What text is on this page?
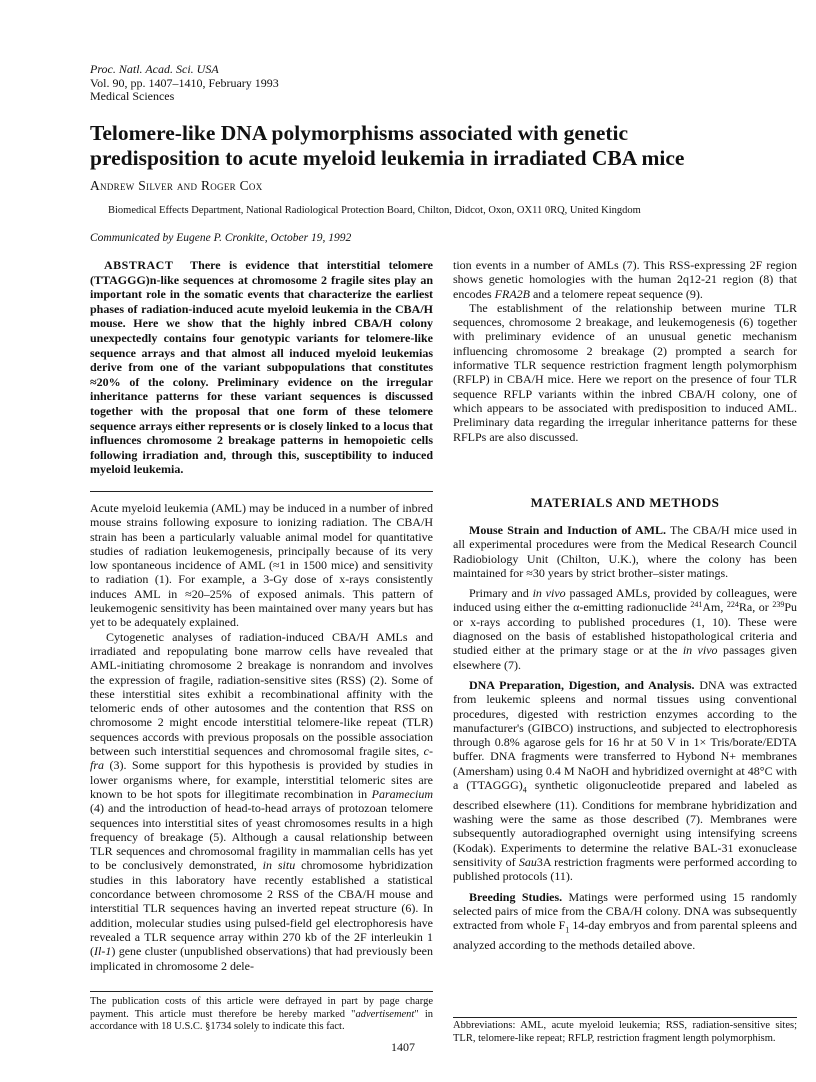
Proc. Natl. Acad. Sci. USA
Vol. 90, pp. 1407–1410, February 1993
Medical Sciences
Telomere-like DNA polymorphisms associated with genetic predisposition to acute myeloid leukemia in irradiated CBA mice
Andrew Silver and Roger Cox
Biomedical Effects Department, National Radiological Protection Board, Chilton, Didcot, Oxon, OX11 0RQ, United Kingdom
Communicated by Eugene P. Cronkite, October 19, 1992
ABSTRACT There is evidence that interstitial telomere (TTAGGG)n-like sequences at chromosome 2 fragile sites play an important role in the somatic events that characterize the earliest phases of radiation-induced acute myeloid leukemia in the CBA/H mouse. Here we show that the highly inbred CBA/H colony unexpectedly contains four genotypic variants for telomere-like sequence arrays and that almost all induced myeloid leukemias derive from one of the variant subpopulations that constitutes ≈20% of the colony. Preliminary evidence on the irregular inheritance patterns for these variant sequences is discussed together with the proposal that one form of these telomere sequence arrays either represents or is closely linked to a locus that influences chromosome 2 breakage patterns in hemopoietic cells following irradiation and, through this, susceptibility to induced myeloid leukemia.

Acute myeloid leukemia (AML) may be induced in a number of inbred mouse strains following exposure to ionizing radiation. The CBA/H strain has been a particularly valuable animal model for quantitative studies of radiation leukemogenesis, principally because of its very low spontaneous incidence of AML (≈1 in 1500 mice) and sensitivity to radiation (1). For example, a 3-Gy dose of x-rays consistently induces AML in ≈20–25% of exposed animals. This pattern of leukemogenic sensitivity has been maintained over many years but has yet to be adequately explained.

Cytogenetic analyses of radiation-induced CBA/H AMLs and irradiated and repopulating bone marrow cells have revealed that AML-initiating chromosome 2 breakage is nonrandom and involves the expression of fragile, radiation-sensitive sites (RSS) (2). Some of these interstitial sites exhibit a recombinational affinity with the telomeric ends of other autosomes and the contention that RSS on chromosome 2 might encode interstitial telomere-like repeat (TLR) sequences accords with previous proposals on the possible association between such interstitial sequences and chromosomal fragile sites, c-fra (3). Some support for this hypothesis is provided by studies in lower organisms where, for example, interstitial telomeric sites are known to be hot spots for illegitimate recombination in Paramecium (4) and the introduction of head-to-head arrays of protozoan telomere sequences into interstitial sites of yeast chromosomes results in a high frequency of breakage (5). Although a causal relationship between TLR sequences and chromosomal fragility in mammalian cells has yet to be conclusively demonstrated, in situ chromosome hybridization studies in this laboratory have recently established a statistical concordance between chromosome 2 RSS of the CBA/H mouse and interstitial TLR sequences having an inverted repeat structure (6). In addition, molecular studies using pulsed-field gel electrophoresis have revealed a TLR sequence array within 270 kb of the 2F interleukin 1 (Il-1) gene cluster (unpublished observations) that had previously been implicated in chromosome 2 dele-

The publication costs of this article were defrayed in part by page charge payment. This article must therefore be hereby marked "advertisement" in accordance with 18 U.S.C. §1734 solely to indicate this fact.

tion events in a number of AMLs (7). This RSS-expressing 2F region shows genetic homologies with the human 2q12-21 region (8) that encodes FRA2B and a telomere repeat sequence (9).

The establishment of the relationship between murine TLR sequences, chromosome 2 breakage, and leukemogenesis (6) together with preliminary evidence of an unusual genetic mechanism influencing chromosome 2 breakage (2) prompted a search for informative TLR sequence restriction fragment length polymorphism (RFLP) in CBA/H mice. Here we report on the presence of four TLR sequence RFLP variants within the inbred CBA/H colony, one of which appears to be associated with predisposition to induced AML. Preliminary data regarding the irregular inheritance patterns for these RFLPs are also discussed.

MATERIALS AND METHODS

Mouse Strain and Induction of AML. The CBA/H mice used in all experimental procedures were from the Medical Research Council Radiobiology Unit (Chilton, U.K.), where the colony has been maintained for ≈30 years by strict brother–sister matings.

Primary and in vivo passaged AMLs, provided by colleagues, were induced using either the α-emitting radionuclide $^{241}$Am, $^{224}$Ra, or $^{239}$Pu or x-rays according to published procedures (1, 10). These were diagnosed on the basis of established histopathological criteria and studied either at the primary stage or at the in vivo passages given elsewhere (7).

DNA Preparation, Digestion, and Analysis. DNA was extracted from leukemic spleens and normal tissues using conventional procedures, digested with restriction enzymes according to the manufacturer's (GIBCO) instructions, and subjected to electrophoresis through 0.8% agarose gels for 16 hr at 50 V in 1× Tris/borate/EDTA buffer. DNA fragments were transferred to Hybond N+ membranes (Amersham) using 0.4 M NaOH and hybridized overnight at 48°C with a $(TTAGGG)_4$ synthetic oligonucleotide prepared and labeled as described elsewhere (11). Conditions for membrane hybridization and washing were the same as those described (7). Membranes were subsequently autoradiographed overnight using intensifying screens (Kodak). Experiments to determine the relative BAL-31 exonuclease sensitivity of Sau3A restriction fragments were performed according to published protocols (11).

Breeding Studies. Matings were performed using 15 randomly selected pairs of mice from the CBA/H colony. DNA was subsequently extracted from whole $F_1$ 14-day embryos and from parental spleens and analyzed according to the methods detailed above.

Abbreviations: AML, acute myeloid leukemia; RSS, radiation-sensitive sites; TLR, telomere-like repeat; RFLP, restriction fragment length polymorphism.
1407
